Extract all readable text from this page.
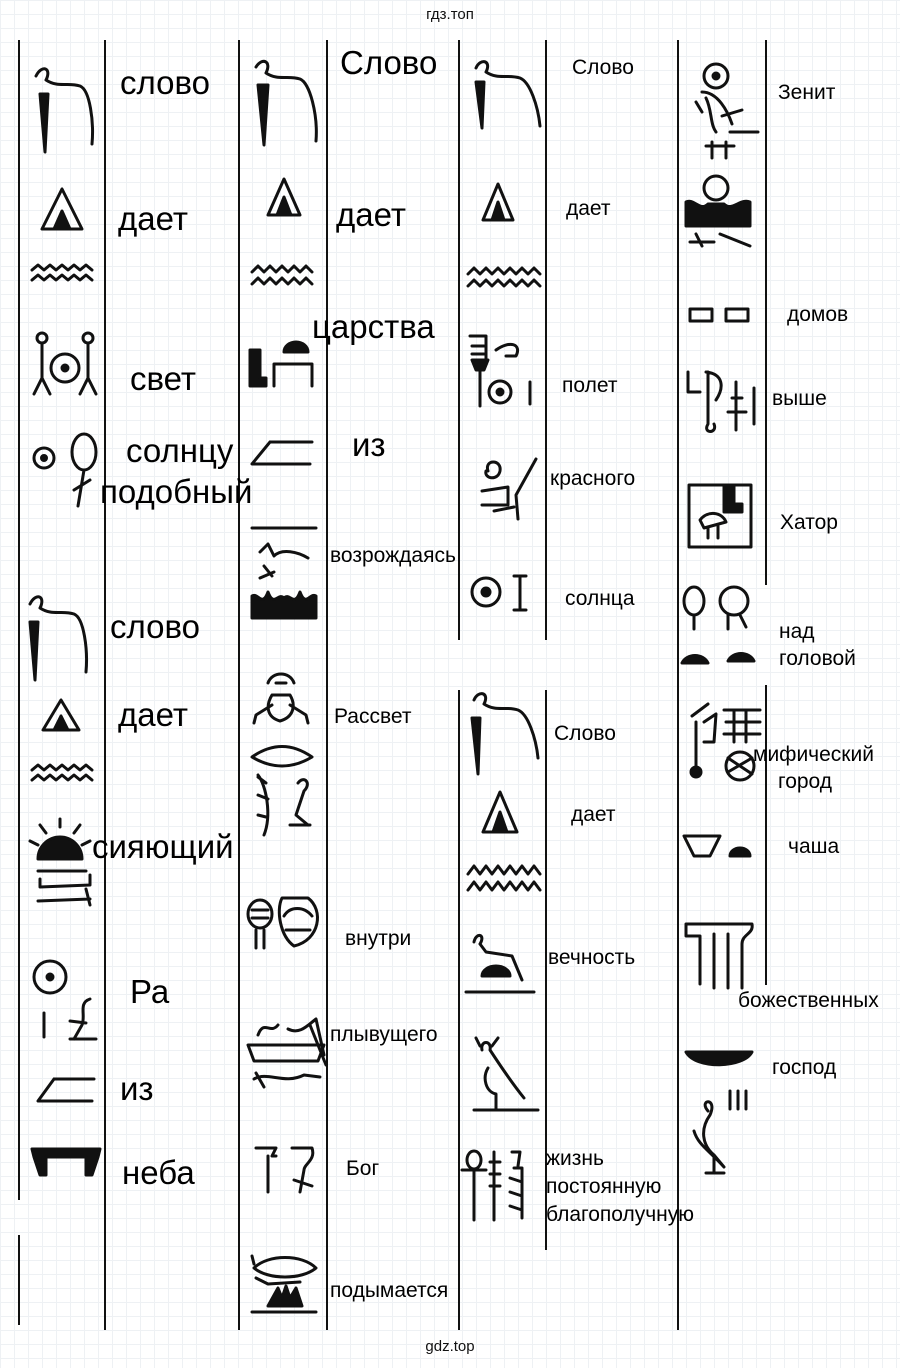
гдз.топ
gdz.top
слово
дает
свет
солнцу
подобный
слово
дает
сияющий
Ра
из
неба
Слово
дает
царства
из
возрождаясь
Рассвет
внутри
плывущего
Бог
подымается
Слово
дает
полет
красного
солнца
Слово
дает
вечность
жизнь
постоянную
благополучную
Зенит
домов
выше
Хатор
над
головой
мифический
город
чаша
божественных
господ
